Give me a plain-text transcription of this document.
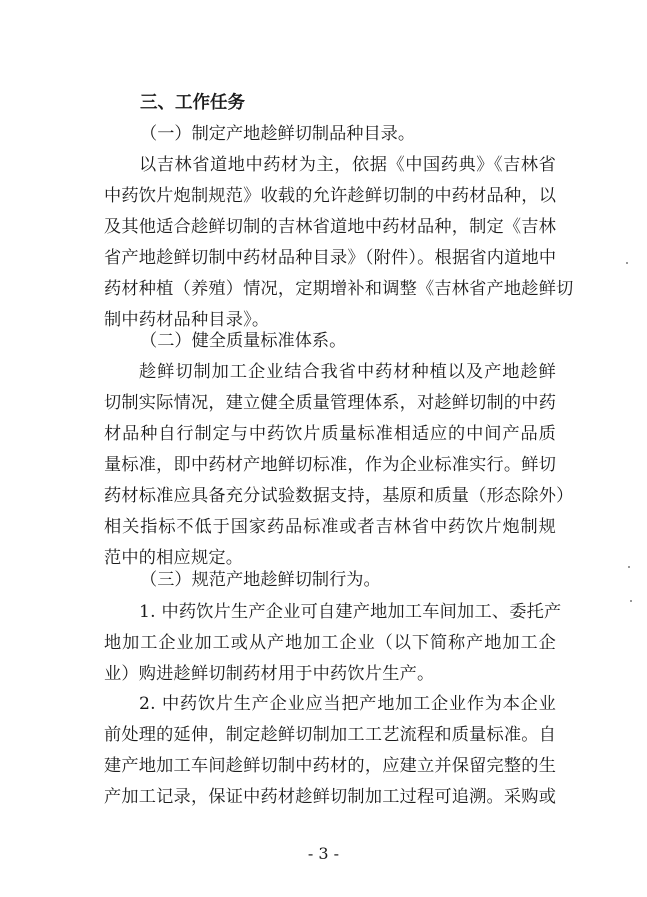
三、工作任务
（一）制定产地趁鲜切制品种目录。
以吉林省道地中药材为主，依据《中国药典》《吉林省
中药饮片炮制规范》收载的允许趁鲜切制的中药材品种，以
及其他适合趁鲜切制的吉林省道地中药材品种，制定《吉林
省产地趁鲜切制中药材品种目录》（附件）。根据省内道地中
药材种植（养殖）情况，定期增补和调整《吉林省产地趁鲜切
制中药材品种目录》。
（二）健全质量标准体系。
趁鲜切制加工企业结合我省中药材种植以及产地趁鲜
切制实际情况，建立健全质量管理体系，对趁鲜切制的中药
材品种自行制定与中药饮片质量标准相适应的中间产品质
量标准，即中药材产地鲜切标准，作为企业标准实行。鲜切
药材标准应具备充分试验数据支持，基原和质量（形态除外）
相关指标不低于国家药品标准或者吉林省中药饮片炮制规
范中的相应规定。
（三）规范产地趁鲜切制行为。
1. 中药饮片生产企业可自建产地加工车间加工、委托产
地加工企业加工或从产地加工企业（以下简称产地加工企
业）购进趁鲜切制药材用于中药饮片生产。
2. 中药饮片生产企业应当把产地加工企业作为本企业
前处理的延伸，制定趁鲜切制加工工艺流程和质量标准。自
建产地加工车间趁鲜切制中药材的，应建立并保留完整的生
产加工记录，保证中药材趁鲜切制加工过程可追溯。采购或
- 3 -
